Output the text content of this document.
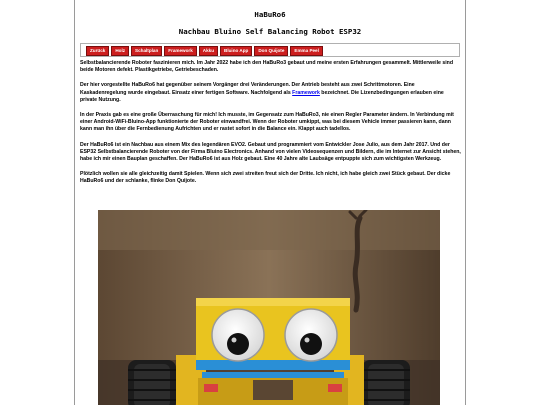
HaBuRo6
Nachbau Bluino Self Balancing Robot ESP32
Zurück	Holz	Schaltplan	Framework	Akku	Bluino App	Don Quijote	Emma Peel

Selbstbalancierende Roboter faszinieren mich. Im Jahr 2022 habe ich den HaBuRo3 gebaut und meine ersten Erfahrungen gesammelt. Mittlerweile sind beide Motoren defekt. Plastikgetriebe, Getriebeschaden.

Der hier vorgestellte HaBuRo6 hat gegenüber seinem Vorgänger drei Veränderungen. Der Antrieb besteht aus zwei Schrittmotoren. Eine Kaskadenregelung wurde eingebaut. Einsatz einer fertigen Software. Nachfolgend als Framework bezeichnet. Die Lizenzbedingungen erlauben eine private Nutzung.

In der Praxis gab es eine große Überraschung für mich! Ich musste, im Gegensatz zum HaBuRo3, nie einen Regler Parameter ändern. In Verbindung mit einer Android-WiFi-Bluino-App funktionierte der Roboter einwandfrei. Wenn der Roboter umkippt, was bei diesem Vehicle immer passieren kann, dann kann man ihn über die Fernbedienung Aufrichten und er rastet sofort in die Balance ein. Klappt auch tadellos.

Der HaBuRo6 ist ein Nachbau aus einem Mix des legendären EVO2. Gebaut und programmiert vom Entwickler Jose Julio, aus dem Jahr 2017. Und der ESP32 Selbstbalancierende Roboter von der Firma Bluino Electronics. Anhand von vielen Videosequenzen und Bildern, die im Internet zur Ansicht stehen, habe ich mir einen Bauplan geschaffen. Der HaBuRo6 ist aus Holz gebaut. Eine 40 Jahre alte Laubsäge entpuppte sich zum wichtigsten Werkzeug.

Plötzlich wollen sie alle gleichzeitig damit Spielen. Wenn sich zwei streiten freut sich der Dritte. Ich nicht, ich habe gleich zwei Stück gebaut. Der dicke HaBuRo6 und der schlanke, flinke Don Quijote.
